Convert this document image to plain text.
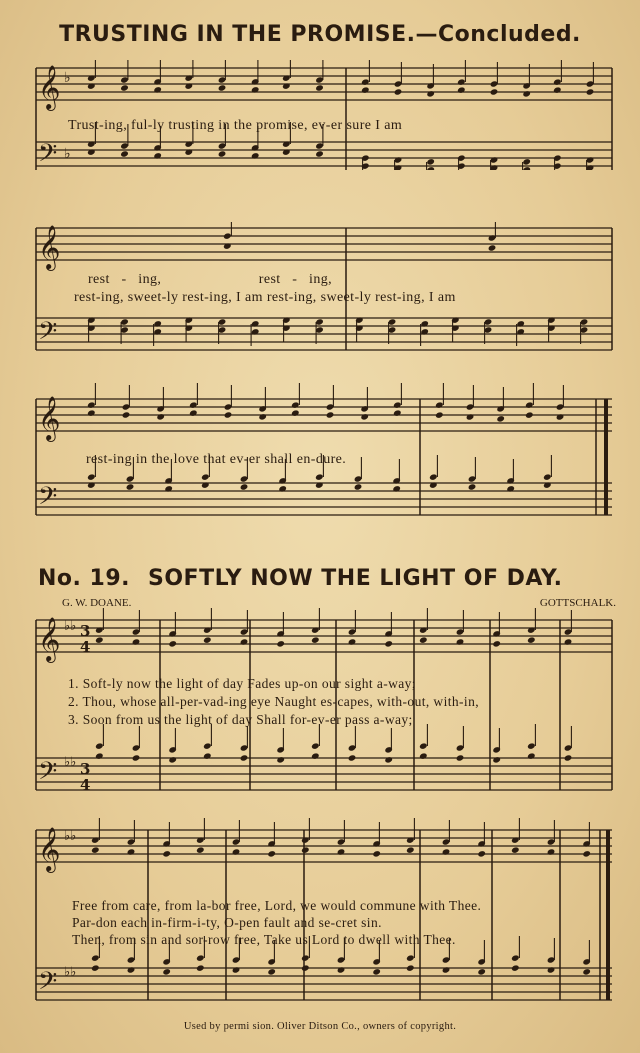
TRUSTING IN THE PROMISE.—Concluded.
𝄞
𝄢
♭
♭
Trust-ing, ful-ly trusting in the promise, ev-er sure I am
𝄞
𝄢
rest   -   ing,                         rest   -   ing,
rest-ing, sweet-ly rest-ing, I am rest-ing, sweet-ly rest-ing, I am
𝄞
𝄢
rest-ing in the love that ev-er shall en-dure.
No. 19. SOFTLY NOW THE LIGHT OF DAY.
G. W. DOANE.	GOTTSCHALK.
𝄞
𝄢
♭♭
♭♭
3
4
3
4
1. Soft-ly now the light of day Fades up-on our sight a-way;
2. Thou, whose all-per-vad-ing eye Naught es-capes, with-out, with-in,
3. Soon from us the light of day Shall for-ev-er pass a-way;
𝄞
𝄢
♭♭
♭♭
Free from care, from la-bor free, Lord, we would commune with Thee.
Par-don each in-firm-i-ty, O-pen fault and se-cret sin.
Then, from sin and sor-row free, Take us Lord to dwell with Thee.
Used by permi sion. Oliver Ditson Co., owners of copyright.
